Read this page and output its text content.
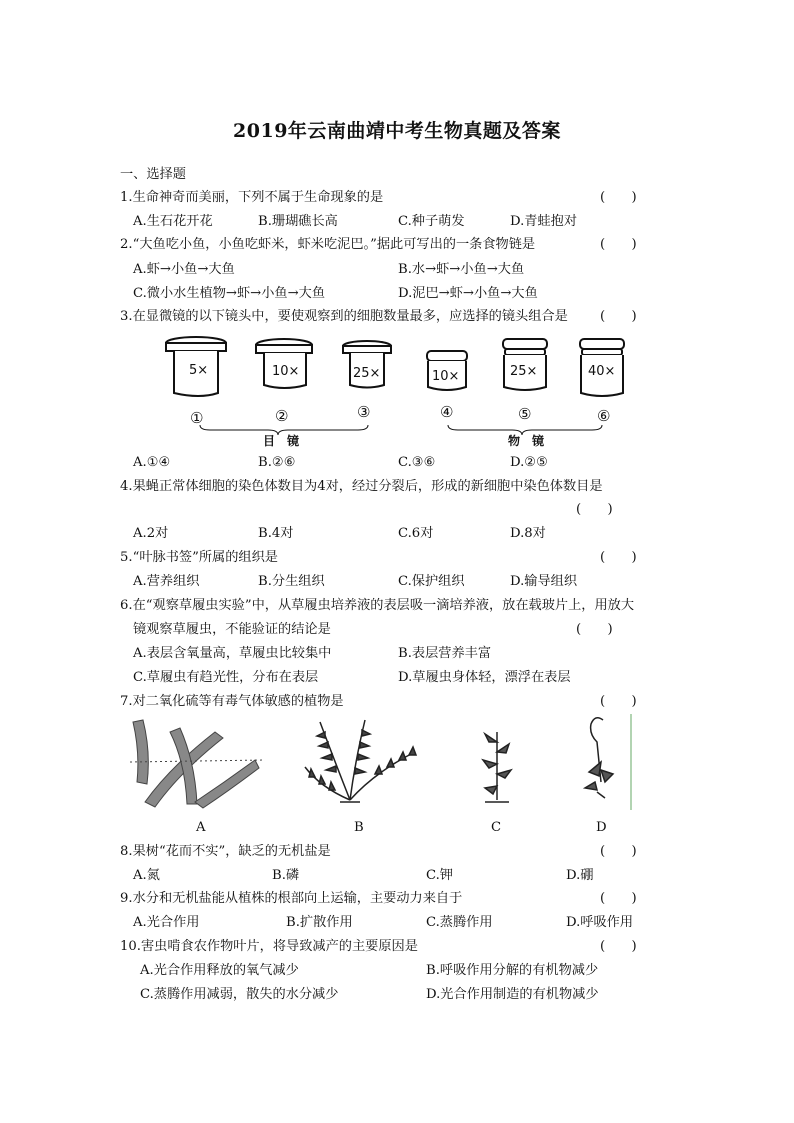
2019年云南曲靖中考生物真题及答案
一、选择题
1.生命神奇而美丽，下列不属于生命现象的是	(　　)
A.生石花开花	B.珊瑚礁长高	C.种子萌发	D.青蛙抱对
2.“大鱼吃小鱼，小鱼吃虾米，虾米吃泥巴。”据此可写出的一条食物链是	(　　)
A.虾→小鱼→大鱼	B.水→虾→小鱼→大鱼
C.微小水生植物→虾→小鱼→大鱼	D.泥巴→虾→小鱼→大鱼
3.在显微镜的以下镜头中，要使观察到的细胞数量最多，应选择的镜头组合是 (　　)
5×	10×	25×	10×	25×	40×
①	②	③	④	⑤	⑥
目　镜	物　镜
A.①④	B.②⑥	C.③⑥	D.②⑤
4.果蝇正常体细胞的染色体数目为4对，经过分裂后，形成的新细胞中染色体数目是
(　　)
A.2对	B.4对	C.6对	D.8对
5.“叶脉书签”所属的组织是	(　　)
A.营养组织	B.分生组织	C.保护组织	D.输导组织
6.在“观察草履虫实验”中，从草履虫培养液的表层吸一滴培养液，放在载玻片上，用放大
镜观察草履虫，不能验证的结论是	(　　)
A.表层含氧量高，草履虫比较集中	B.表层营养丰富
C.草履虫有趋光性，分布在表层	D.草履虫身体轻，漂浮在表层
7.对二氧化硫等有毒气体敏感的植物是	(　　)
A	B	C	D
8.果树“花而不实”，缺乏的无机盐是	(　　)
A.氮	B.磷	C.钾	D.硼
9.水分和无机盐能从植株的根部向上运输，主要动力来自于	(　　)
A.光合作用	B.扩散作用	C.蒸腾作用	D.呼吸作用
10.害虫啃食农作物叶片，将导致减产的主要原因是	(　　)
A.光合作用释放的氧气减少	B.呼吸作用分解的有机物减少
C.蒸腾作用减弱，散失的水分减少	D.光合作用制造的有机物减少
